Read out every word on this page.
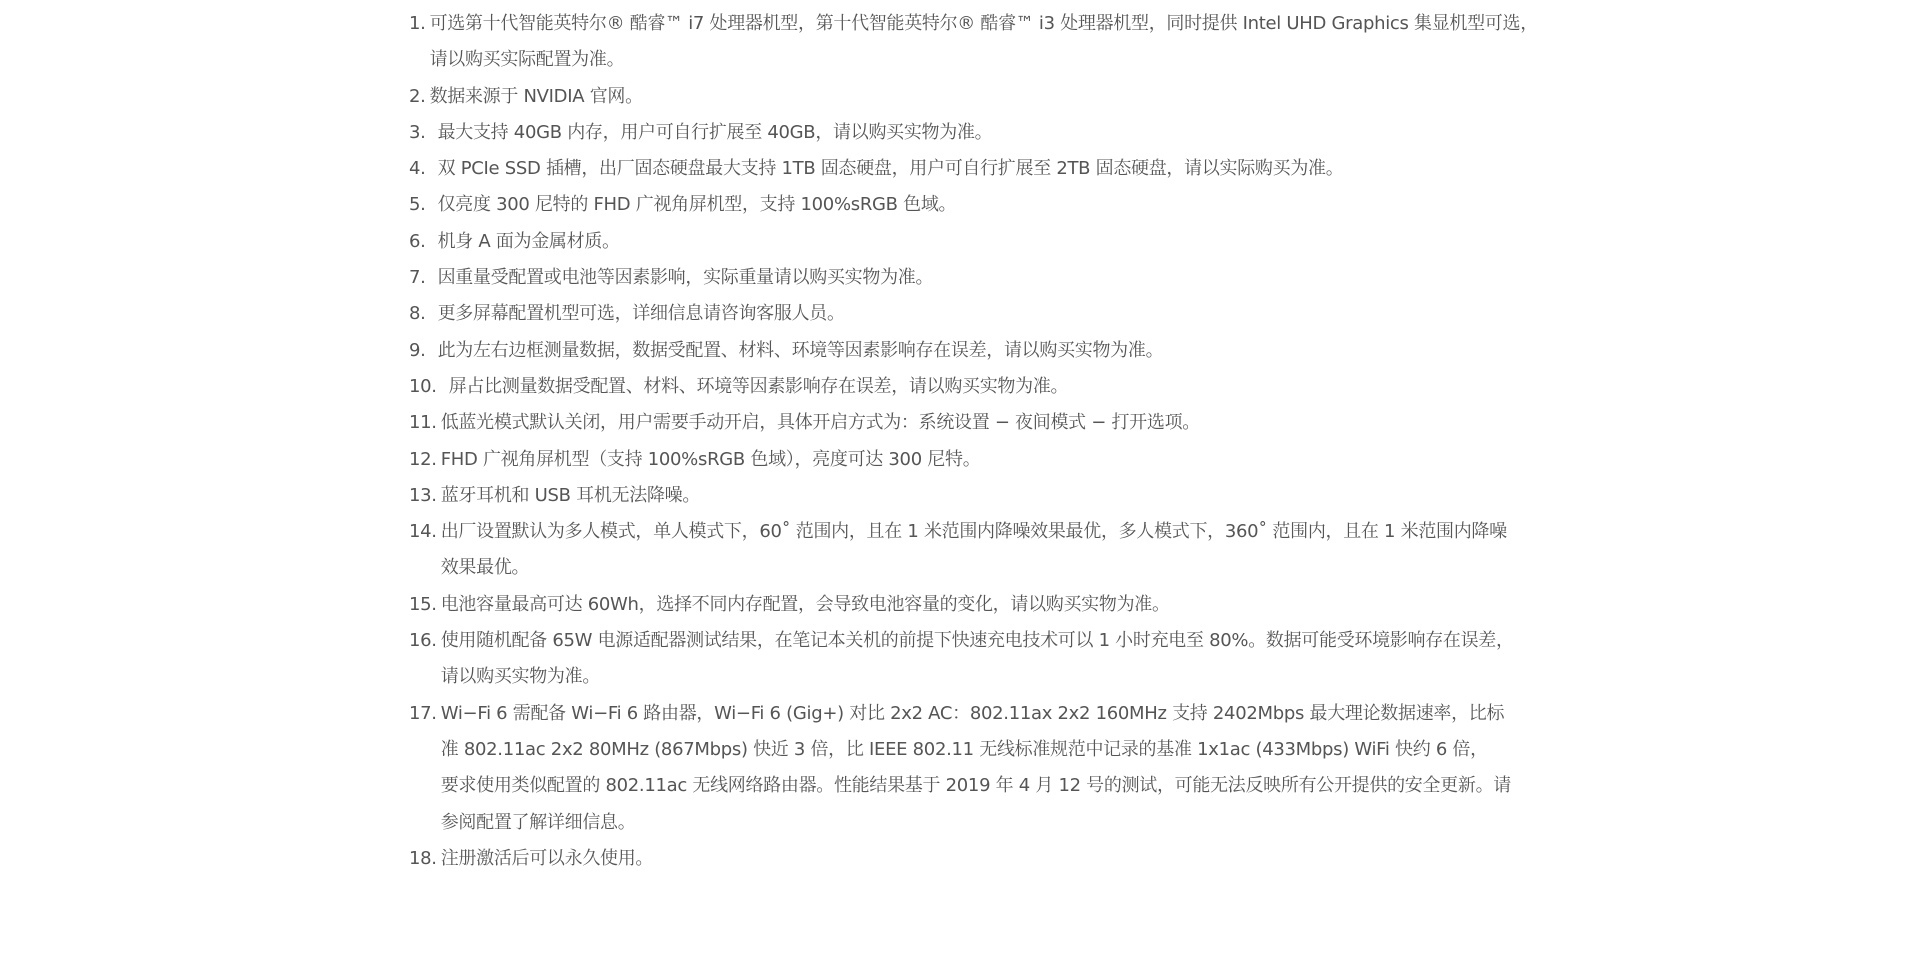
1. 可选第十代智能英特尔® 酷睿™ i7 处理器机型，第十代智能英特尔® 酷睿™ i3 处理器机型，同时提供 Intel UHD Graphics 集显机型可选，
请以购买实际配置为准。
2. 数据来源于 NVIDIA 官网。
3. 最大支持 40GB 内存，用户可自行扩展至 40GB，请以购买实物为准。
4. 双 PCIe SSD 插槽，出厂固态硬盘最大支持 1TB 固态硬盘，用户可自行扩展至 2TB 固态硬盘，请以实际购买为准。
5. 仅亮度 300 尼特的 FHD 广视角屏机型，支持 100%sRGB 色域。
6. 机身 A 面为金属材质。
7. 因重量受配置或电池等因素影响，实际重量请以购买实物为准。
8. 更多屏幕配置机型可选，详细信息请咨询客服人员。
9. 此为左右边框测量数据，数据受配置、材料、环境等因素影响存在误差，请以购买实物为准。
10. 屏占比测量数据受配置、材料、环境等因素影响存在误差，请以购买实物为准。
11. 低蓝光模式默认关闭，用户需要手动开启，具体开启方式为：系统设置 − 夜间模式 − 打开选项。
12. FHD 广视角屏机型（支持 100%sRGB 色域），亮度可达 300 尼特。
13. 蓝牙耳机和 USB 耳机无法降噪。
14. 出厂设置默认为多人模式，单人模式下，60˚ 范围内，且在 1 米范围内降噪效果最优，多人模式下，360˚ 范围内，且在 1 米范围内降噪
效果最优。
15. 电池容量最高可达 60Wh，选择不同内存配置，会导致电池容量的变化，请以购买实物为准。
16. 使用随机配备 65W 电源适配器测试结果，在笔记本关机的前提下快速充电技术可以 1 小时充电至 80%。数据可能受环境影响存在误差，
请以购买实物为准。
17. Wi−Fi 6 需配备 Wi−Fi 6 路由器，Wi−Fi 6 (Gig+) 对比 2x2 AC：802.11ax 2x2 160MHz 支持 2402Mbps 最大理论数据速率，比标
准 802.11ac 2x2 80MHz (867Mbps) 快近 3 倍，比 IEEE 802.11 无线标准规范中记录的基准 1x1ac (433Mbps) WiFi 快约 6 倍，
要求使用类似配置的 802.11ac 无线网络路由器。性能结果基于 2019 年 4 月 12 号的测试，可能无法反映所有公开提供的安全更新。请
参阅配置了解详细信息。
18. 注册激活后可以永久使用。
